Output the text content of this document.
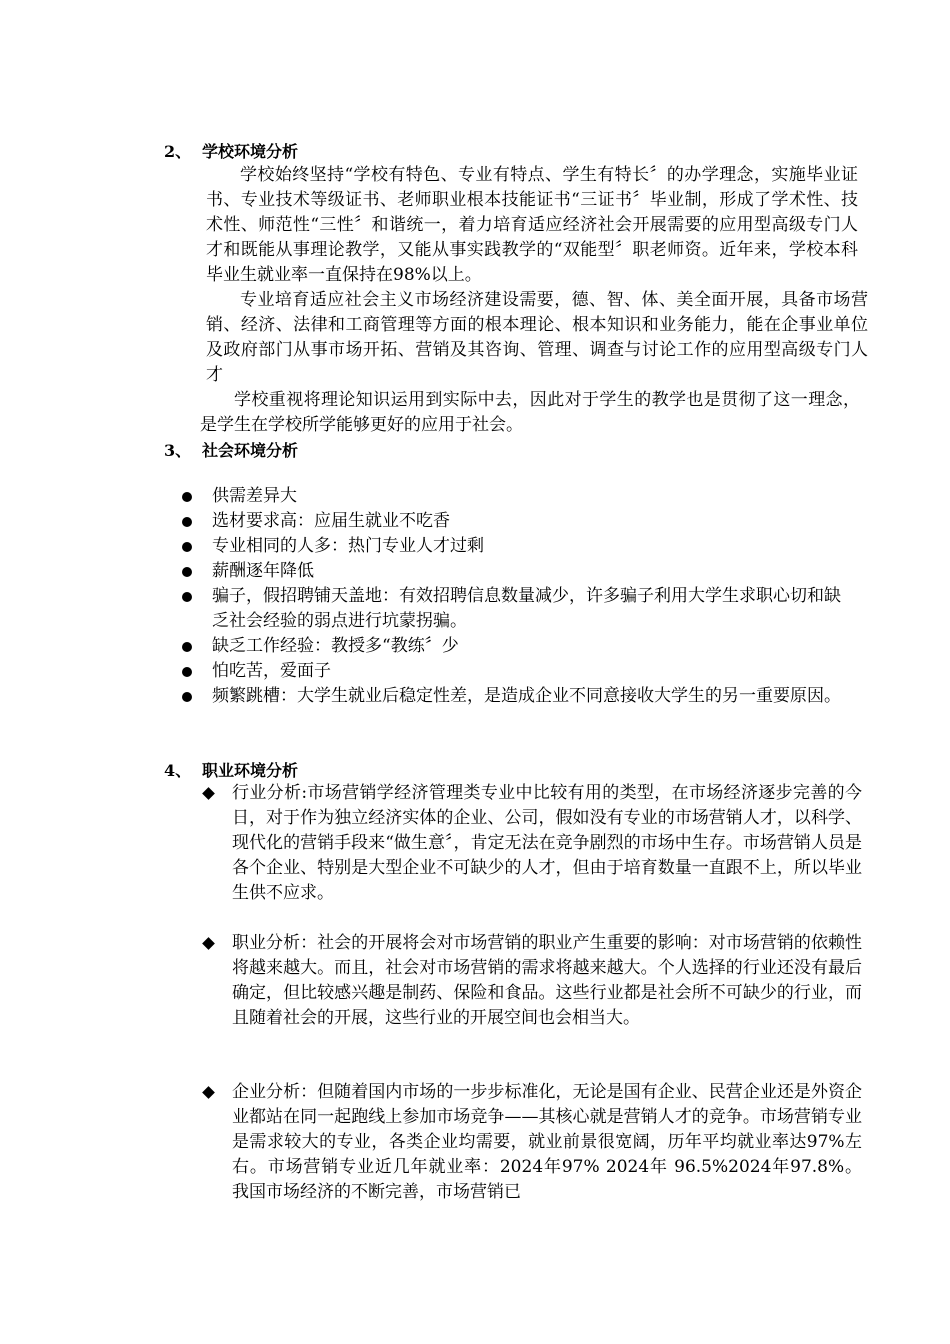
2、 学校环境分析
学校始终坚持“学校有特色、专业有特点、学生有特长〞的办学理念，实施毕业证书、专业技术等级证书、老师职业根本技能证书“三证书〞毕业制，形成了学术性、技术性、师范性“三性〞和谐统一，着力培育适应经济社会开展需要的应用型高级专门人才和既能从事理论教学，又能从事实践教学的“双能型〞职老师资。近年来，学校本科毕业生就业率一直保持在98%以上。
专业培育适应社会主义市场经济建设需要，德、智、体、美全面开展，具备市场营销、经济、法律和工商管理等方面的根本理论、根本知识和业务能力，能在企事业单位及政府部门从事市场开拓、营销及其咨询、管理、调查与讨论工作的应用型高级专门人才
学校重视将理论知识运用到实际中去，因此对于学生的教学也是贯彻了这一理念，是学生在学校所学能够更好的应用于社会。
3、 社会环境分析
供需差异大
选材要求高：应届生就业不吃香
专业相同的人多：热门专业人才过剩
薪酬逐年降低
骗子，假招聘铺天盖地：有效招聘信息数量减少，许多骗子利用大学生求职心切和缺乏社会经验的弱点进行坑蒙拐骗。
缺乏工作经验：教授多“教练〞少
怕吃苦，爱面子
频繁跳槽：大学生就业后稳定性差，是造成企业不同意接收大学生的另一重要原因。
4、 职业环境分析
行业分析:市场营销学经济管理类专业中比较有用的类型，在市场经济逐步完善的今日，对于作为独立经济实体的企业、公司，假如没有专业的市场营销人才，以科学、现代化的营销手段来“做生意〞，肯定无法在竞争剧烈的市场中生存。市场营销人员是各个企业、特别是大型企业不可缺少的人才，但由于培育数量一直跟不上，所以毕业生供不应求。
职业分析：社会的开展将会对市场营销的职业产生重要的影响：对市场营销的依赖性将越来越大。而且，社会对市场营销的需求将越来越大。个人选择的行业还没有最后确定，但比较感兴趣是制药、保险和食品。这些行业都是社会所不可缺少的行业，而且随着社会的开展，这些行业的开展空间也会相当大。
企业分析：但随着国内市场的一步步标准化，无论是国有企业、民营企业还是外资企业都站在同一起跑线上参加市场竞争——其核心就是营销人才的竞争。市场营销专业是需求较大的专业，各类企业均需要，就业前景很宽阔，历年平均就业率达97%左右。市场营销专业近几年就业率：2024年97% 2024年 96.5%2024年97.8%。 我国市场经济的不断完善，市场营销已
